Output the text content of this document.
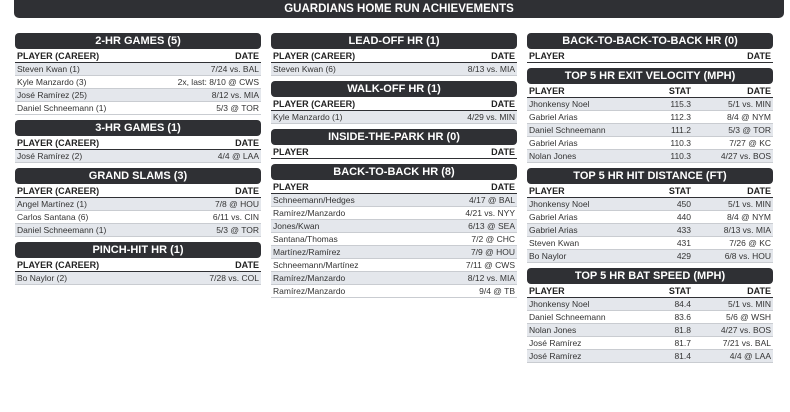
GUARDIANS HOME RUN ACHIEVEMENTS
2-HR GAMES (5)
PLAYER (CAREER)	DATE
Steven Kwan (1)	7/24 vs. BAL
Kyle Manzardo (3)	2x, last: 8/10 @ CWS
José Ramírez (25)	8/12 vs. MIA
Daniel Schneemann (1)	5/3 @ TOR
3-HR GAMES (1)
PLAYER (CAREER)	DATE
José Ramírez (2)	4/4 @ LAA
GRAND SLAMS (3)
PLAYER (CAREER)	DATE
Angel Martínez (1)	7/8 @ HOU
Carlos Santana (6)	6/11 vs. CIN
Daniel Schneemann (1)	5/3 @ TOR
PINCH-HIT HR (1)
PLAYER (CAREER)	DATE
Bo Naylor (2)	7/28 vs. COL
LEAD-OFF HR (1)
PLAYER (CAREER)	DATE
Steven Kwan (6)	8/13 vs. MIA
WALK-OFF HR (1)
PLAYER (CAREER)	DATE
Kyle Manzardo (1)	4/29 vs. MIN
INSIDE-THE-PARK HR (0)
PLAYER	DATE
BACK-TO-BACK HR (8)
PLAYER	DATE
Schneemann/Hedges	4/17 @ BAL
Ramírez/Manzardo	4/21 vs. NYY
Jones/Kwan	6/13 @ SEA
Santana/Thomas	7/2 @ CHC
Martínez/Ramírez	7/9 @ HOU
Schneemann/Martínez	7/11 @ CWS
Ramírez/Manzardo	8/12 vs. MIA
Ramírez/Manzardo	9/4 @ TB
BACK-TO-BACK-TO-BACK HR (0)
PLAYER	DATE
TOP 5 HR EXIT VELOCITY (MPH)
PLAYER	STAT	DATE
Jhonkensy Noel	115.3	5/1 vs. MIN
Gabriel Arias	112.3	8/4 @ NYM
Daniel Schneemann	111.2	5/3 @ TOR
Gabriel Arias	110.3	7/27 @ KC
Nolan Jones	110.3	4/27 vs. BOS
TOP 5 HR HIT DISTANCE (FT)
PLAYER	STAT	DATE
Jhonkensy Noel	450	5/1 vs. MIN
Gabriel Arias	440	8/4 @ NYM
Gabriel Arias	433	8/13 vs. MIA
Steven Kwan	431	7/26 @ KC
Bo Naylor	429	6/8 vs. HOU
TOP 5 HR BAT SPEED (MPH)
PLAYER	STAT	DATE
Jhonkensy Noel	84.4	5/1 vs. MIN
Daniel Schneemann	83.6	5/6 @ WSH
Nolan Jones	81.8	4/27 vs. BOS
José Ramírez	81.7	7/21 vs. BAL
José Ramírez	81.4	4/4 @ LAA
